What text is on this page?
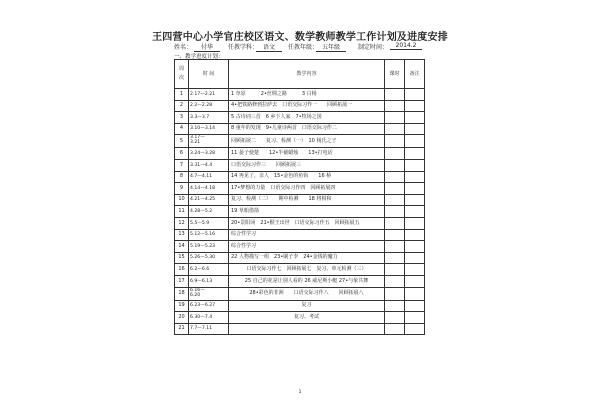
王四营中心小学官庄校区语文、数学教师教学工作计划及进度安排
姓名：	付华	任教学科： 语文	任教年级： 五年级	制定时间：	2014.2
一、教学进度计划：
周
次	时 间	教学内容	课时	备注
1	2.17—2.21	1 草原　　　2•丝绸之路　　　3 白杨		
2	2.2—2.28	4•把铁路修到拉萨去　口语交际习作一　　回顾拓展一		
3	3.3—3.7	5 古诗词三首　6 乡下人家　7•牧场之国		
4	3.10—3.14	8 童年的发现　9•儿童诗两首　口语交际习作二		
5	3.17—
3.21	回顾拓展二　　复习、检测（一）　10 杨氏之子		
6	3.24—3.28	11 晏子使楚　　12•半截蜡烛　　13•打电话		
7	3.31—4.4	口语交际习作三　　回顾拓展三		
8	4.7—4.11	14 再见了，亲人　15•金色的鱼钩　　16 桥		
9	4.14—4.18	17•梦想的力量　口语交际习作四　回顾拓展四		
10	4.21—4.25	复习、检测（二）　　期中检测　　18 将相和		
11	4.28—5.2	19 草船借箭		
12	5.5—5.9	20•景阳冈　21•猴王出世　口语交际习作五　回顾拓展五		
13	5.12—5.16	综合性学习		
14	5.19—5.23	综合性学习		
15	5.26—5.30	22 人物描写一组　23•刷子李　24•金钱的魔力		
16	6.2—6.6	口语交际习作七　回顾拓展七　复习、单元检测（三）		
17	6.9—6.13	25 自己的花是让别人看的 26 威尼斯小艇 27•与象共舞		
18	6.16—
6.20	28•彩色的非洲　　口语交际习作八　　回顾拓展八		
19	6.23—6.27	复习		
20	6.30—7.4	复习、考试		
21	7.7—7.11			
1
